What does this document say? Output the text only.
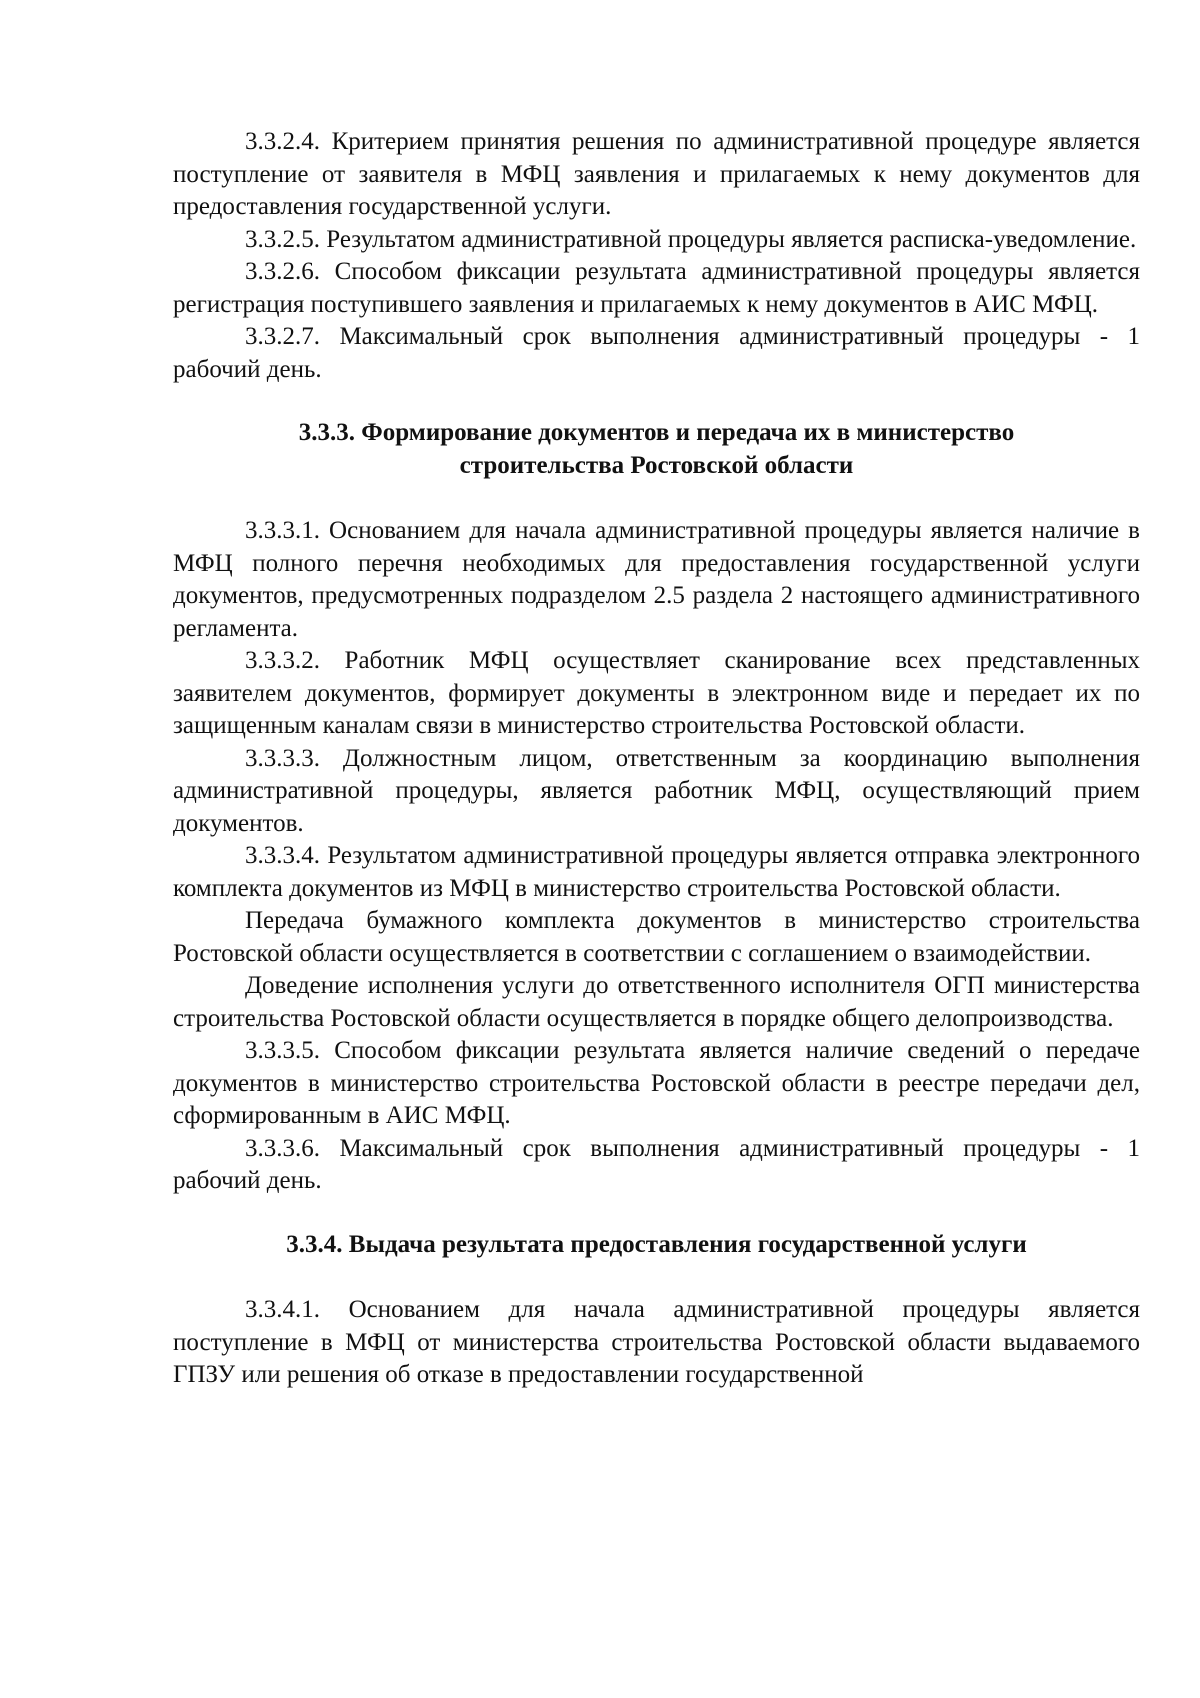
3.3.2.4. Критерием принятия решения по административной процедуре является поступление от заявителя в МФЦ заявления и прилагаемых к нему документов для предоставления государственной услуги.

3.3.2.5. Результатом административной процедуры является расписка-уведомление.

3.3.2.6. Способом фиксации результата административной процедуры является регистрация поступившего заявления и прилагаемых к нему документов в АИС МФЦ.

3.3.2.7. Максимальный срок выполнения административный процедуры - 1 рабочий день.

3.3.3. Формирование документов и передача их в министерство
строительства Ростовской области

3.3.3.1. Основанием для начала административной процедуры является наличие в МФЦ полного перечня необходимых для предоставления государственной услуги документов, предусмотренных подразделом 2.5 раздела 2 настоящего административного регламента.

3.3.3.2. Работник МФЦ осуществляет сканирование всех представленных заявителем документов, формирует документы в электронном виде и передает их по защищенным каналам связи в министерство строительства Ростовской области.

3.3.3.3. Должностным лицом, ответственным за координацию выполнения административной процедуры, является работник МФЦ, осуществляющий прием документов.

3.3.3.4. Результатом административной процедуры является отправка электронного комплекта документов из МФЦ в министерство строительства Ростовской области.

Передача бумажного комплекта документов в министерство строительства Ростовской области осуществляется в соответствии с соглашением о взаимодействии.

Доведение исполнения услуги до ответственного исполнителя ОГП министерства строительства Ростовской области осуществляется в порядке общего делопроизводства.

3.3.3.5. Способом фиксации результата является наличие сведений о передаче документов в министерство строительства Ростовской области в реестре передачи дел, сформированным в АИС МФЦ.

3.3.3.6. Максимальный срок выполнения административный процедуры - 1 рабочий день.

3.3.4. Выдача результата предоставления государственной услуги

3.3.4.1. Основанием для начала административной процедуры является поступление в МФЦ от министерства строительства Ростовской области выдаваемого ГПЗУ или решения об отказе в предоставлении государственной
